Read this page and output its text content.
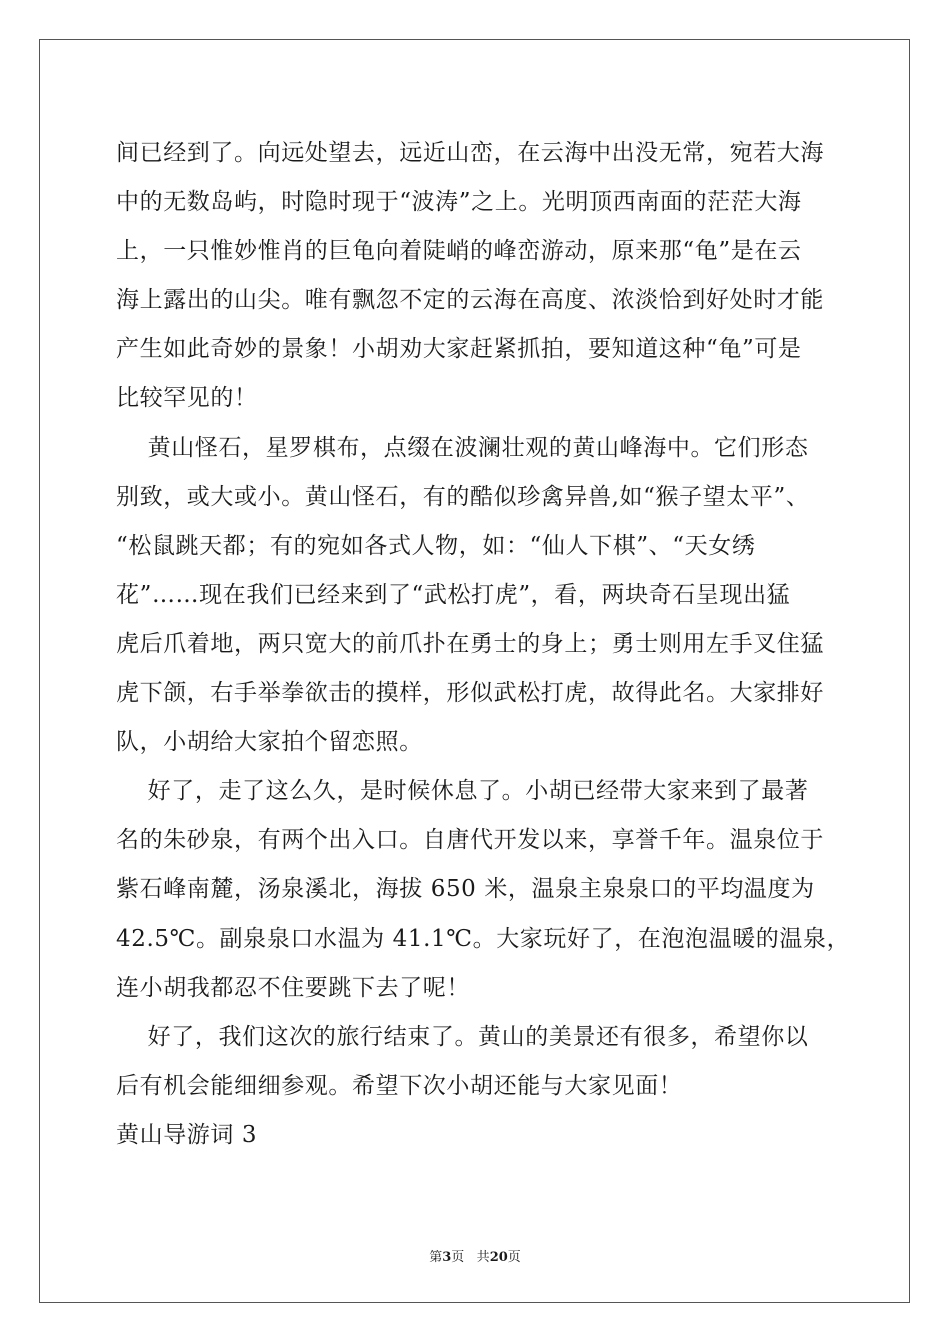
间已经到了。向远处望去，远近山峦，在云海中出没无常，宛若大海
中的无数岛屿，时隐时现于“波涛”之上。光明顶西南面的茫茫大海
上，一只惟妙惟肖的巨龟向着陡峭的峰峦游动，原来那“龟”是在云
海上露出的山尖。唯有飘忽不定的云海在高度、浓淡恰到好处时才能
产生如此奇妙的景象！小胡劝大家赶紧抓拍，要知道这种“龟”可是
比较罕见的！
黄山怪石，星罗棋布，点缀在波澜壮观的黄山峰海中。它们形态
别致，或大或小。黄山怪石，有的酷似珍禽异兽,如“猴子望太平”、
“松鼠跳天都；有的宛如各式人物，如：“仙人下棋”、“天女绣
花”……现在我们已经来到了“武松打虎”，看，两块奇石呈现出猛
虎后爪着地，两只宽大的前爪扑在勇士的身上；勇士则用左手叉住猛
虎下颌，右手举拳欲击的摸样，形似武松打虎，故得此名。大家排好
队，小胡给大家拍个留恋照。
好了，走了这么久，是时候休息了。小胡已经带大家来到了最著
名的朱砂泉，有两个出入口。自唐代开发以来，享誉千年。温泉位于
紫石峰南麓，汤泉溪北，海拔 650 米，温泉主泉泉口的平均温度为
42.5℃。副泉泉口水温为 41.1℃。大家玩好了，在泡泡温暖的温泉，
连小胡我都忍不住要跳下去了呢！
好了，我们这次的旅行结束了。黄山的美景还有很多，希望你以
后有机会能细细参观。希望下次小胡还能与大家见面！
黄山导游词 3
第3页 共20页
